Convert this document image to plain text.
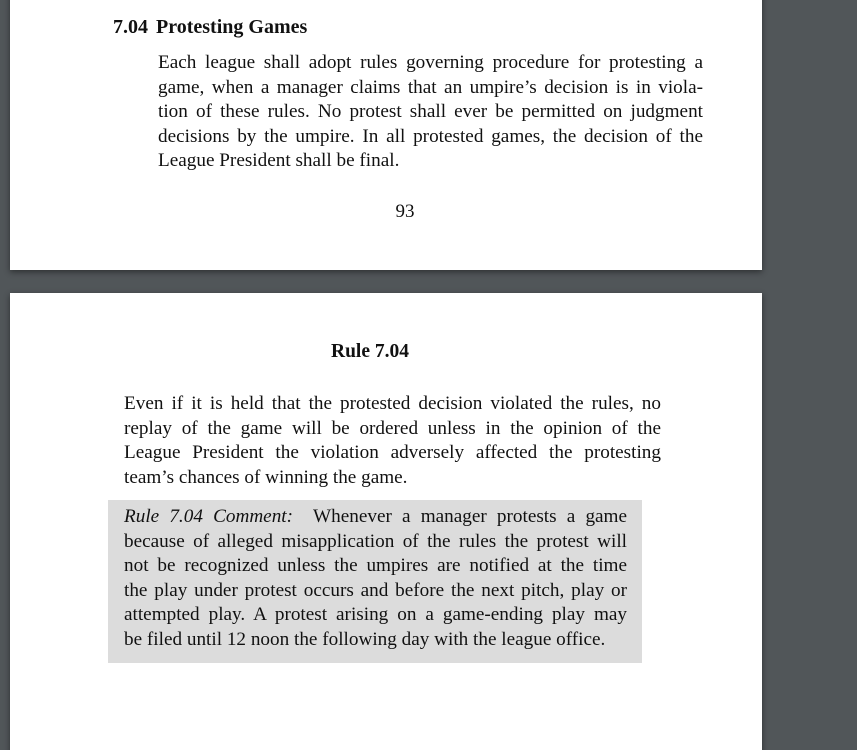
7.04 Protesting Games

Each league shall adopt rules governing procedure for protesting a
game, when a manager claims that an umpire’s decision is in viola-
tion of these rules. No protest shall ever be permitted on judgment
decisions by the umpire. In all protested games, the decision of the
League President shall be final.

93
Rule 7.04

Even if it is held that the protested decision violated the rules, no
replay of the game will be ordered unless in the opinion of the
League President the violation adversely affected the protesting
team’s chances of winning the game.

Rule 7.04 Comment: Whenever a manager protests a game
because of alleged misapplication of the rules the protest will
not be recognized unless the umpires are notified at the time
the play under protest occurs and before the next pitch, play or
attempted play. A protest arising on a game-ending play may
be filed until 12 noon the following day with the league office.
